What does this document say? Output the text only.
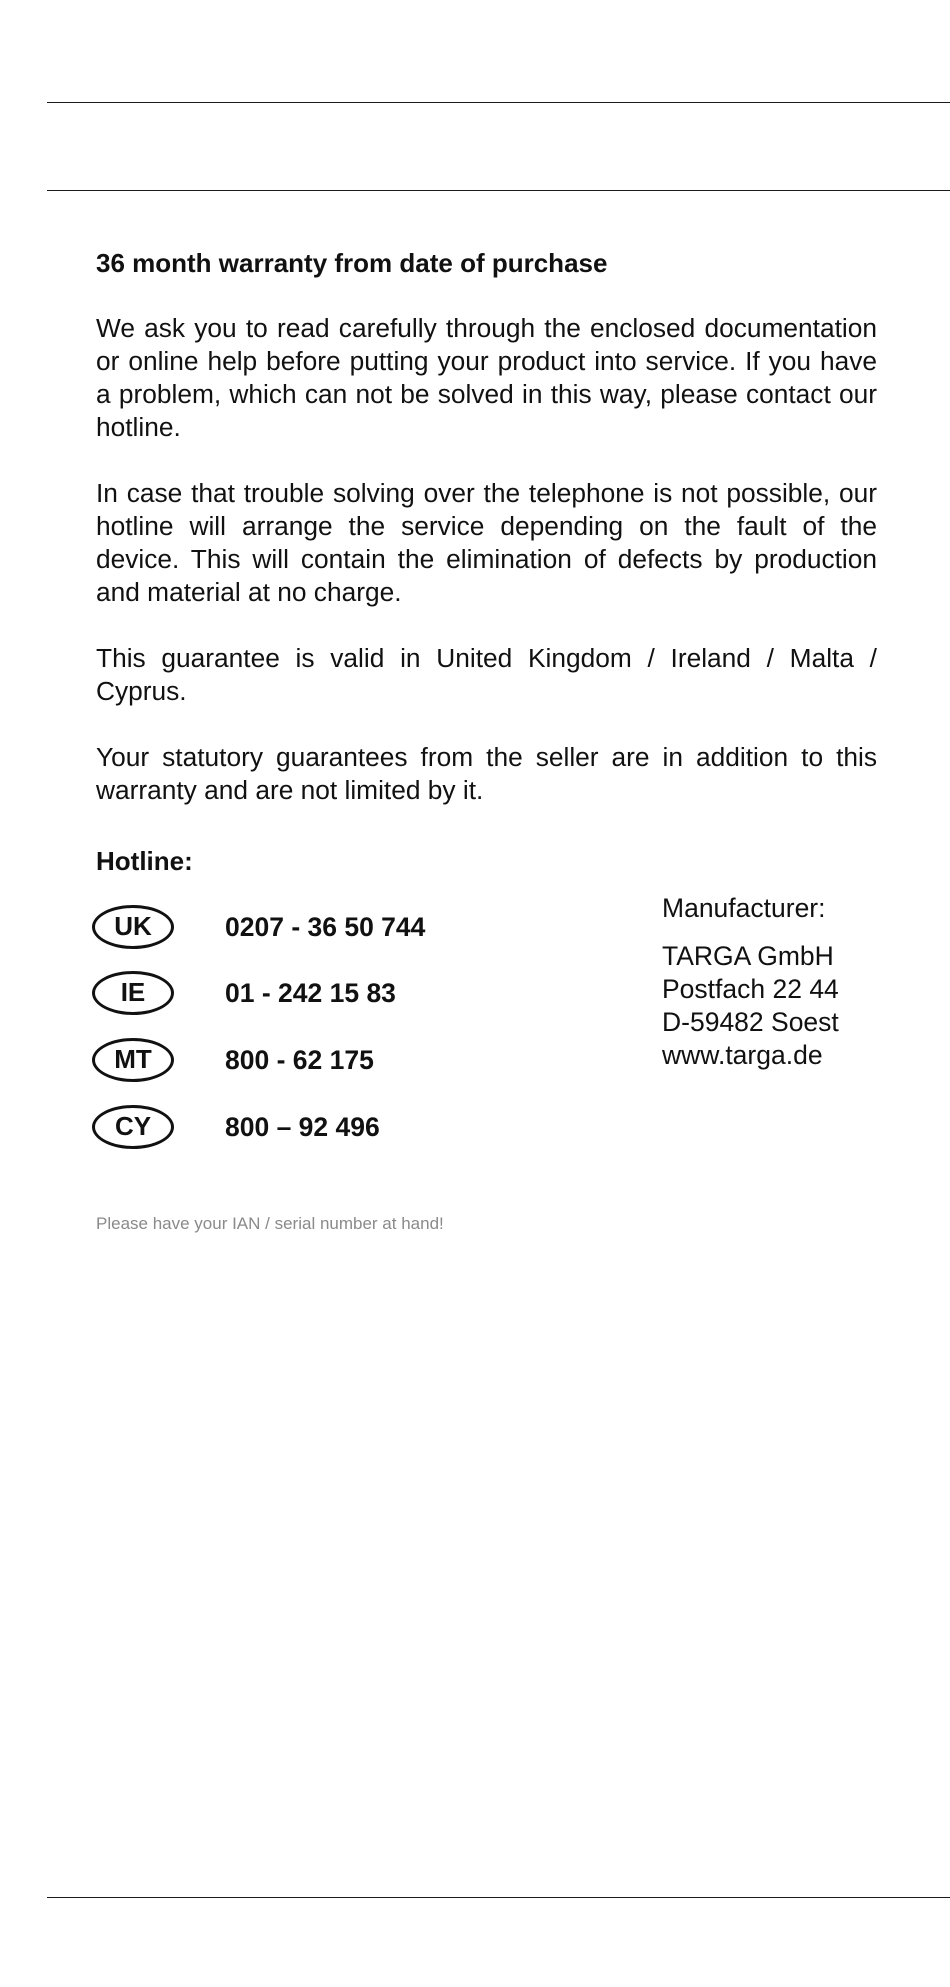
36 month warranty from date of purchase

We ask you to read carefully through the enclosed documentation or online help before putting your product into service. If you have a problem, which can not be solved in this way, please contact our hotline.

In case that trouble solving over the telephone is not possible, our hotline will arrange the service depending on the fault of the device. This will contain the elimination of defects by production and material at no charge.

This guarantee is valid in United Kingdom / Ireland / Malta / Cyprus.

Your statutory guarantees from the seller are in addition to this warranty and are not limited by it.

Hotline:
UK	0207 - 36 50 744
IE	01 - 242 15 83
MT	800 - 62 175
CY	800 – 92 496

Manufacturer:

TARGA GmbH

Postfach 22 44

D-59482 Soest

www.targa.de

Please have your IAN / serial number at hand!
